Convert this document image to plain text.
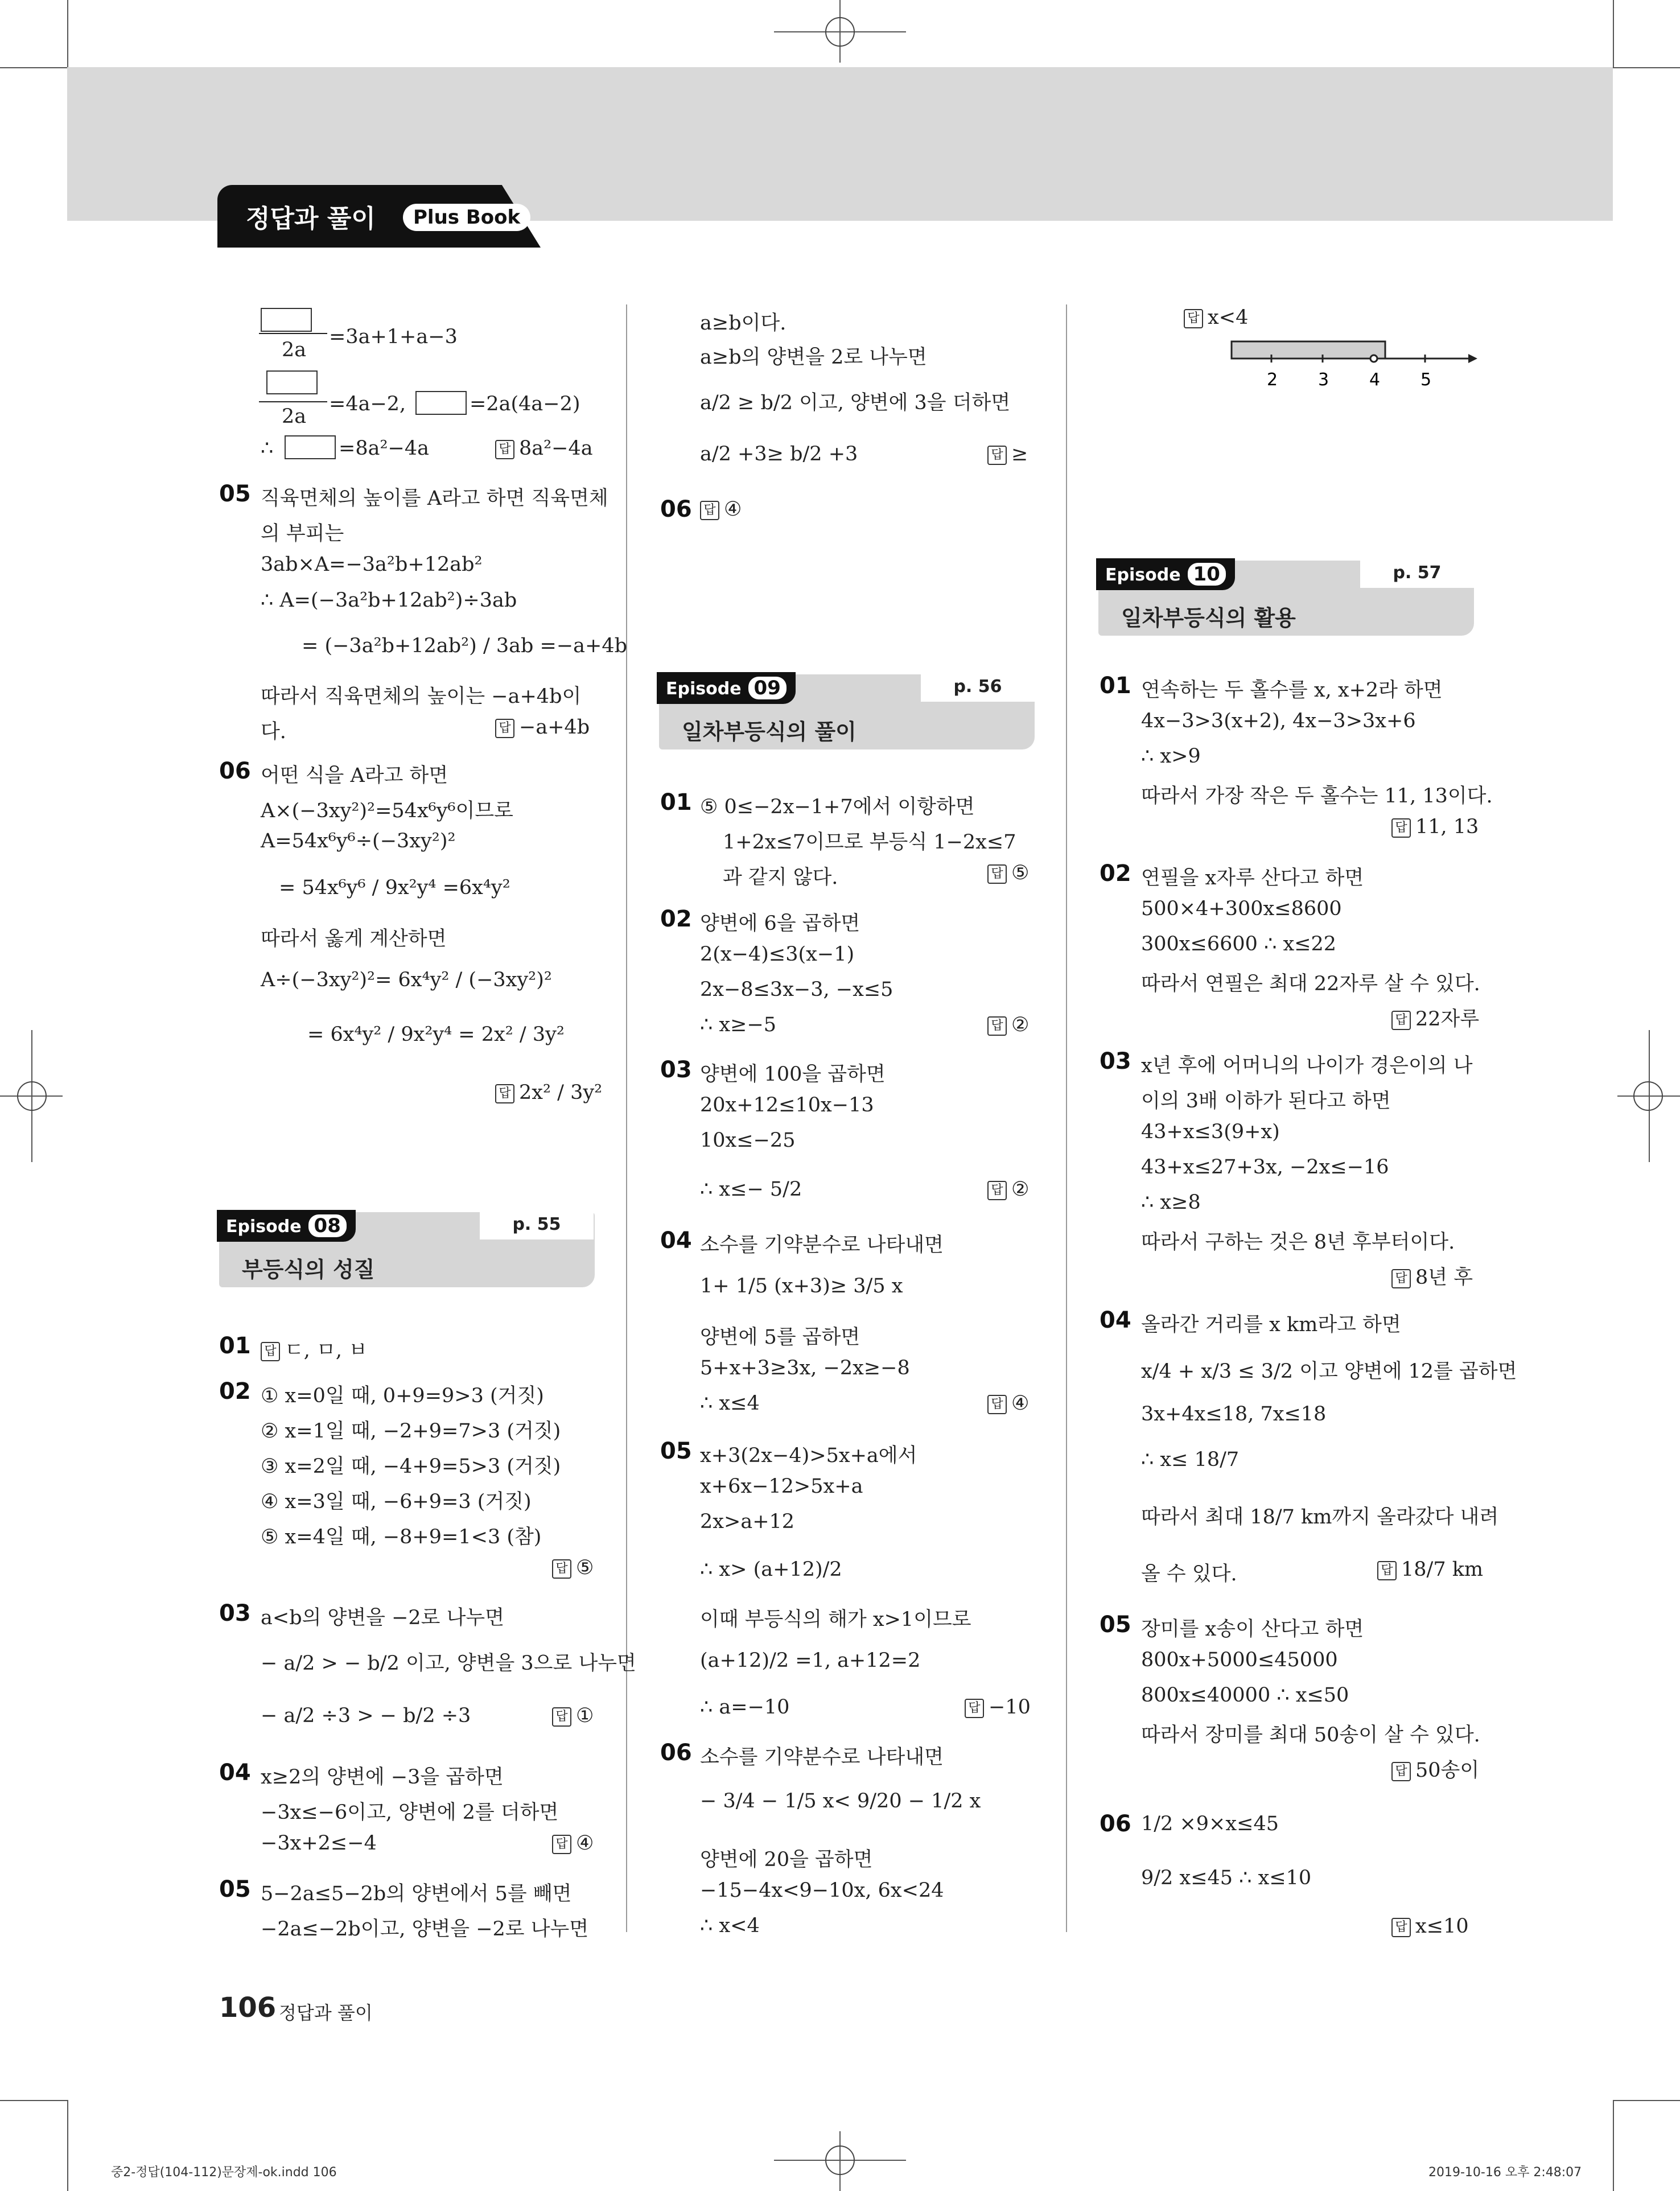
정답과 풀이	Plus Book
=3a+1+a−3
2a
=4a−2,	=2a(4a−2)
2a
∴	=8a²−4a	답 8a²−4a
05 직육면체의 높이를 A라고 하면 직육면체
의 부피는
3ab×A=−3a²b+12ab²
∴ A=(−3a²b+12ab²)÷3ab
= (−3a²b+12ab²) / 3ab =−a+4b
따라서 직육면체의 높이는 −a+4b이
다.	답 −a+4b
06 어떤 식을 A라고 하면
A×(−3xy²)²=54x⁶y⁶이므로
A=54x⁶y⁶÷(−3xy²)²
= 54x⁶y⁶ / 9x²y⁴ =6x⁴y²
따라서 옳게 계산하면
A÷(−3xy²)²= 6x⁴y² / (−3xy²)²
= 6x⁴y² / 9x²y⁴ = 2x² / 3y²
답 2x² / 3y²
Episode 08	p. 55
부등식의 성질
01 답 ㄷ, ㅁ, ㅂ
02 ① x=0일 때, 0+9=9>3 (거짓)
② x=1일 때, −2+9=7>3 (거짓)
③ x=2일 때, −4+9=5>3 (거짓)
④ x=3일 때, −6+9=3 (거짓)
⑤ x=4일 때, −8+9=1<3 (참)
답 ⑤
03 a<b의 양변을 −2로 나누면
− a/2 > − b/2 이고, 양변을 3으로 나누면
− a/2 ÷3 > − b/2 ÷3	답 ①
04 x≥2의 양변에 −3을 곱하면
−3x≤−6이고, 양변에 2를 더하면
−3x+2≤−4	답 ④
05 5−2a≤5−2b의 양변에서 5를 빼면
−2a≤−2b이고, 양변을 −2로 나누면
a≥b이다.
a≥b의 양변을 2로 나누면
a/2 ≥ b/2 이고, 양변에 3을 더하면
a/2 +3≥ b/2 +3	답 ≥
06 답 ④
Episode 09	p. 56
일차부등식의 풀이
01 ⑤ 0≤−2x−1+7에서 이항하면
1+2x≤7이므로 부등식 1−2x≤7
과 같지 않다.	답 ⑤
02 양변에 6을 곱하면
2(x−4)≤3(x−1)
2x−8≤3x−3, −x≤5
∴ x≥−5	답 ②
03 양변에 100을 곱하면
20x+12≤10x−13
10x≤−25
∴ x≤− 5/2	답 ②
04 소수를 기약분수로 나타내면
1+ 1/5 (x+3)≥ 3/5 x
양변에 5를 곱하면
5+x+3≥3x, −2x≥−8
∴ x≤4	답 ④
05 x+3(2x−4)>5x+a에서
x+6x−12>5x+a
2x>a+12
∴ x> (a+12)/2
이때 부등식의 해가 x>1이므로
(a+12)/2 =1, a+12=2
∴ a=−10	답 −10
06 소수를 기약분수로 나타내면
− 3/4 − 1/5 x< 9/20 − 1/2 x
양변에 20을 곱하면
−15−4x<9−10x, 6x<24
∴ x<4
답 x<4
2 3 4 5
Episode 10	p. 57
일차부등식의 활용
01 연속하는 두 홀수를 x, x+2라 하면
4x−3>3(x+2), 4x−3>3x+6
∴ x>9
따라서 가장 작은 두 홀수는 11, 13이다.
답 11, 13
02 연필을 x자루 산다고 하면
500×4+300x≤8600
300x≤6600 ∴ x≤22
따라서 연필은 최대 22자루 살 수 있다.
답 22자루
03 x년 후에 어머니의 나이가 경은이의 나
이의 3배 이하가 된다고 하면
43+x≤3(9+x)
43+x≤27+3x, −2x≤−16
∴ x≥8
따라서 구하는 것은 8년 후부터이다.
답 8년 후
04 올라간 거리를 x km라고 하면
x/4 + x/3 ≤ 3/2 이고 양변에 12를 곱하면
3x+4x≤18, 7x≤18
∴ x≤ 18/7
따라서 최대 18/7 km까지 올라갔다 내려
올 수 있다.	답 18/7 km
05 장미를 x송이 산다고 하면
800x+5000≤45000
800x≤40000 ∴ x≤50
따라서 장미를 최대 50송이 살 수 있다.
답 50송이
06 1/2 ×9×x≤45
9/2 x≤45 ∴ x≤10
답 x≤10
106 정답과 풀이
중2-정답(104-112)문장제-ok.indd 106	2019-10-16 오후 2:48:07
